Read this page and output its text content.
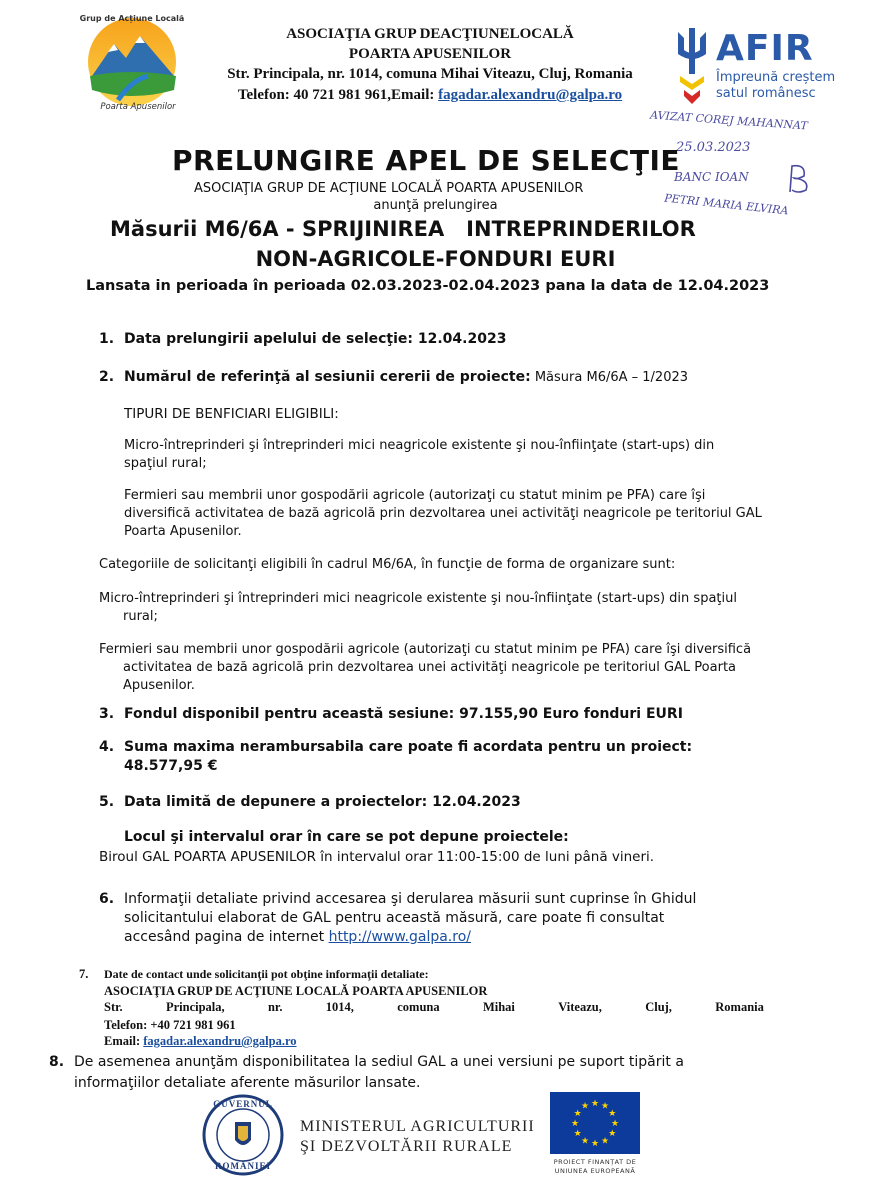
Grup de Acțiune Locală
Poarta Apusenilor
ASOCIAŢIA GRUP DEACŢIUNELOCALĂ
POARTA APUSENILOR
Str. Principala, nr. 1014, comuna Mihai Viteazu, Cluj, Romania
Telefon: 40 721 981 961,Email: fagadar.alexandru@galpa.ro
AFIR
Împreună creștem
satul românesc
AVIZAT COREJ MAHANNAT
25.03.2023
BANC IOAN
PETRI MARIA ELVIRA
PRELUNGIRE APEL DE SELECŢIE
ASOCIAŢIA GRUP DE ACŢIUNE LOCALĂ POARTA APUSENILOR
anunţă prelungirea
Măsurii M6/6A - SPRIJINIREA   INTREPRINDERILOR
NON-AGRICOLE-FONDURI EURI
Lansata in perioada în perioada 02.03.2023-02.04.2023 pana la data de 12.04.2023
1. Data prelungirii apelului de selecţie: 12.04.2023
2. Numărul de referinţă al sesiunii cererii de proiecte: Măsura M6/6A – 1/2023
TIPURI DE BENFICIARI ELIGIBILI:
Micro-întreprinderi şi întreprinderi mici neagricole existente şi nou-înfiinţate (start-ups) din spaţiul rural;
Fermieri sau membrii unor gospodării agricole (autorizaţi cu statut minim pe PFA) care îşi diversifică activitatea de bază agricolă prin dezvoltarea unei activităţi neagricole pe teritoriul GAL Poarta Apusenilor.
Categoriile de solicitanţi eligibili în cadrul M6/6A, în funcţie de forma de organizare sunt:
Micro-întreprinderi şi întreprinderi mici neagricole existente şi nou-înfiinţate (start-ups) din spaţiul
rural;
Fermieri sau membrii unor gospodării agricole (autorizaţi cu statut minim pe PFA) care îşi diversifică
activitatea de bază agricolă prin dezvoltarea unei activităţi neagricole pe teritoriul GAL Poarta
Apusenilor.
3. Fondul disponibil pentru această sesiune: 97.155,90 Euro fonduri EURI
4. Suma maxima nerambursabila care poate fi acordata pentru un proiect:
48.577,95 €
5. Data limită de depunere a proiectelor: 12.04.2023
Locul şi intervalul orar în care se pot depune proiectele:
Biroul GAL POARTA APUSENILOR în intervalul orar 11:00-15:00 de luni până vineri.
6. Informaţii detaliate privind accesarea şi derularea măsurii sunt cuprinse în Ghidul
solicitantului elaborat de GAL pentru această măsură, care poate fi consultat
accesând pagina de internet http://www.galpa.ro/
7. Date de contact unde solicitanţii pot obţine informaţii detaliate:
ASOCIAŢIA GRUP DE ACŢIUNE LOCALĂ POARTA APUSENILOR
Str.	Principala,	nr.	1014,	comuna	Mihai	Viteazu,	Cluj,	Romania
Telefon: +40 721 981 961
Email: fagadar.alexandru@galpa.ro
8. De asemenea anunţăm disponibilitatea la sediul GAL a unei versiuni pe suport tipărit a
informaţiilor detaliate aferente măsurilor lansate.
GUVERNUL
ROMÂNIEI
MINISTERUL AGRICULTURII
ŞI DEZVOLTĂRII RURALE
★ ★
★
★
★
★
★
★
★
★
★
★
PROIECT FINANȚAT DE
UNIUNEA EUROPEANĂ
